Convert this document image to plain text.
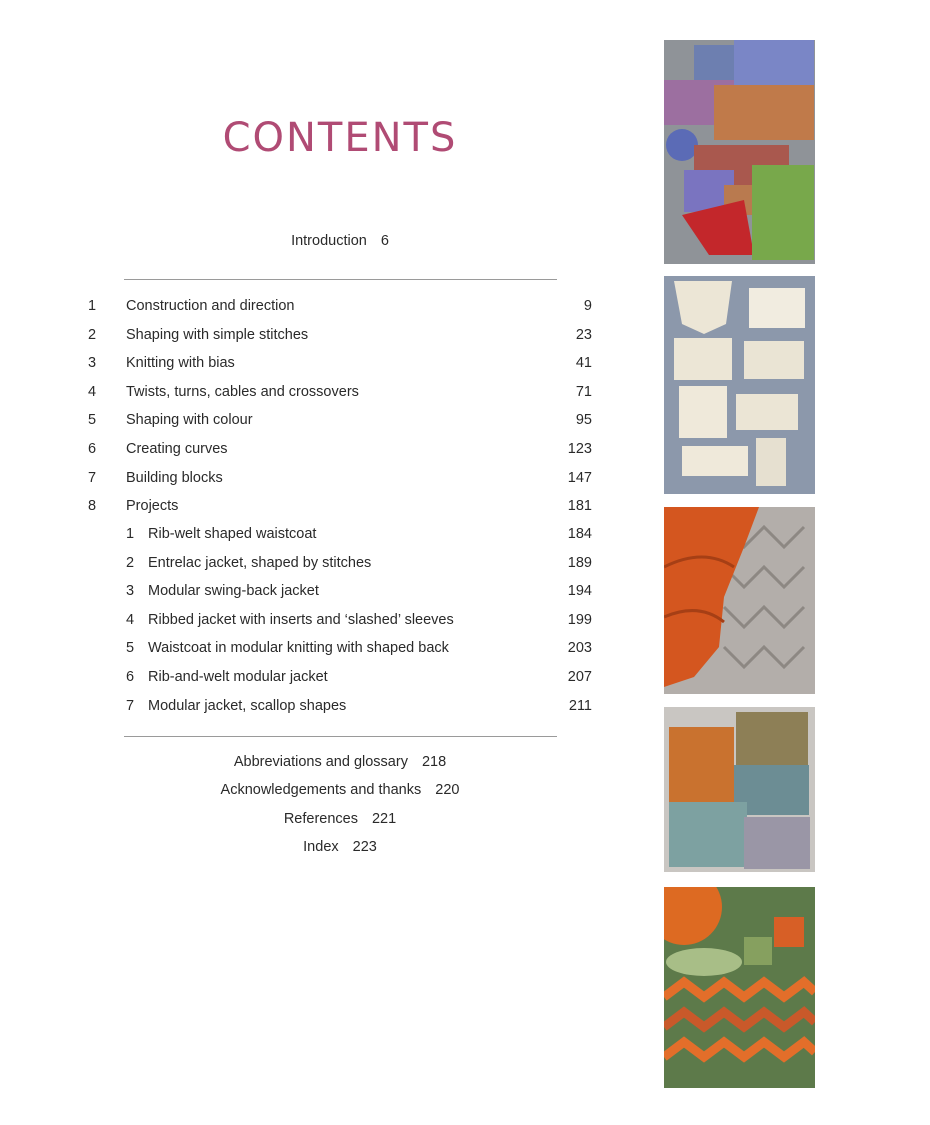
CONTENTS
Introduction 6
1 Construction and direction	9
2 Shaping with simple stitches	23
3 Knitting with bias	41
4 Twists, turns, cables and crossovers	71
5 Shaping with colour	95
6 Creating curves	123
7 Building blocks	147
8 Projects	181
1 Rib-welt shaped waistcoat	184
2 Entrelac jacket, shaped by stitches	189
3 Modular swing-back jacket	194
4 Ribbed jacket with inserts and ‘slashed’ sleeves	199
5 Waistcoat in modular knitting with shaped back	203
6 Rib-and-welt modular jacket	207
7 Modular jacket, scallop shapes	211
Abbreviations and glossary 218
Acknowledgements and thanks 220
References 221
Index 223
